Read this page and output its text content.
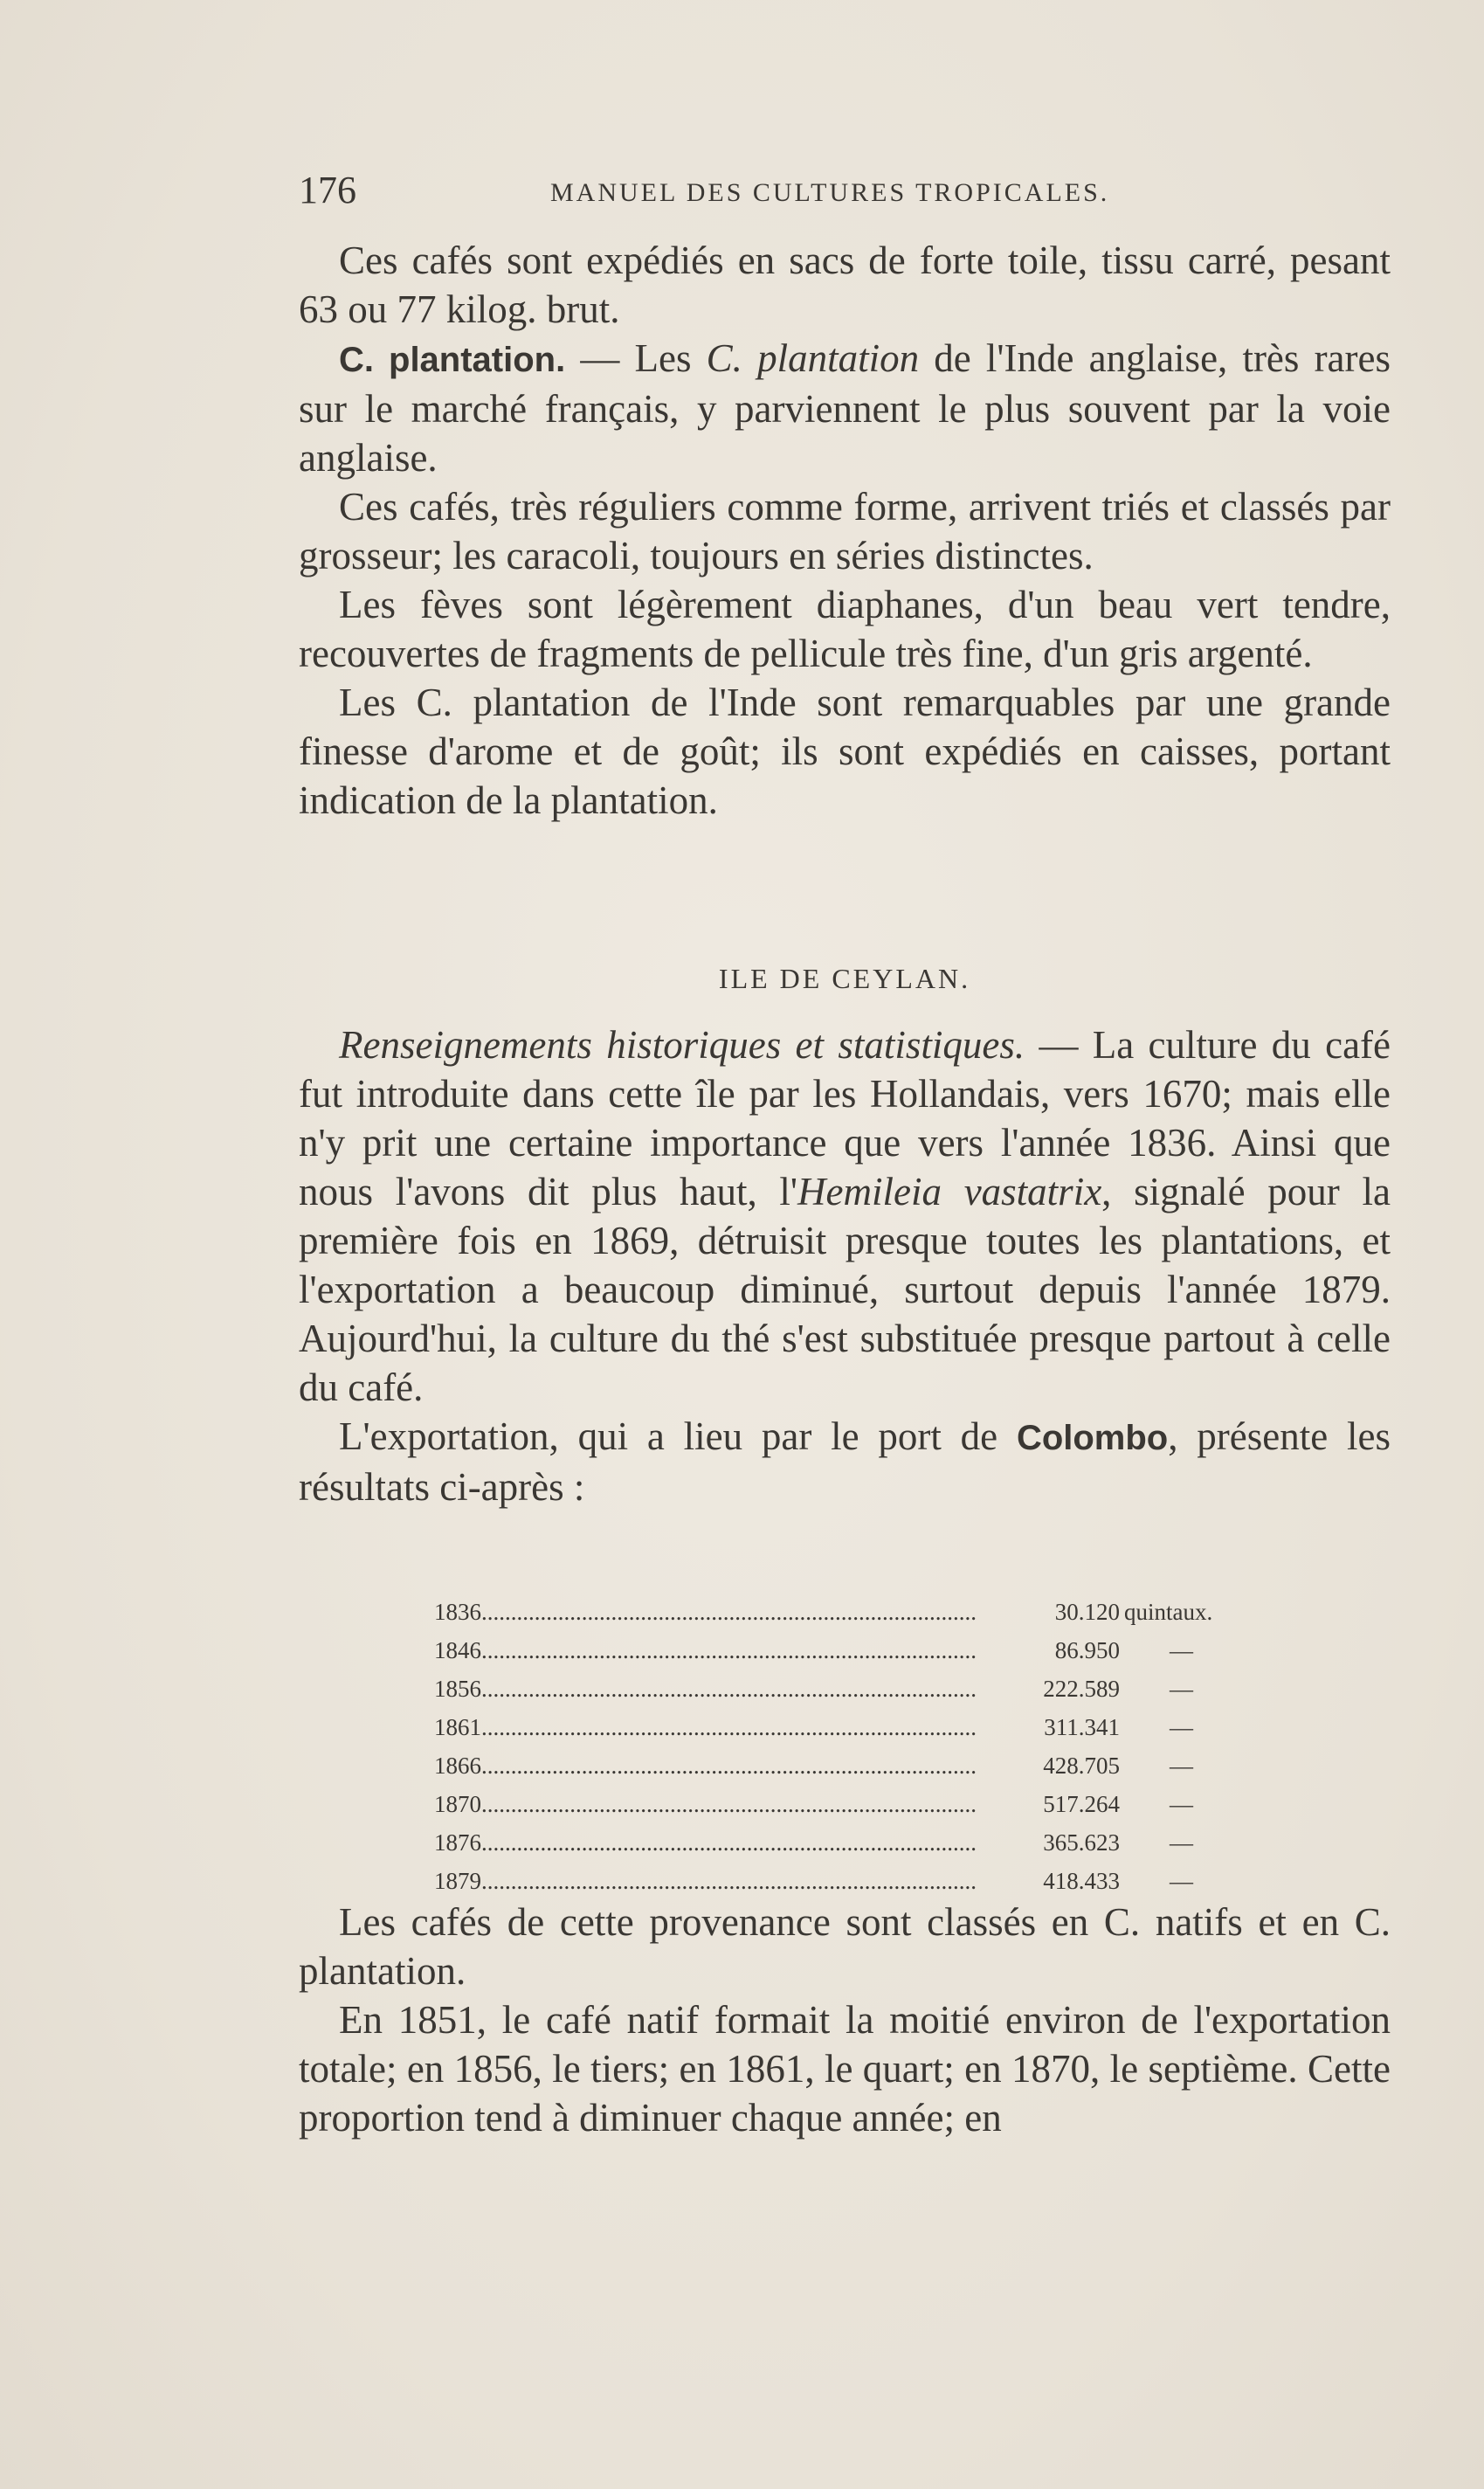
176	MANUEL DES CULTURES TROPICALES.

Ces cafés sont expédiés en sacs de forte toile, tissu carré, pesant 63 ou 77 kilog. brut.

C. plantation. — Les C. plantation de l'Inde anglaise, très rares sur le marché français, y parviennent le plus souvent par la voie anglaise.

Ces cafés, très réguliers comme forme, arrivent triés et classés par grosseur; les caracoli, toujours en séries distinctes.

Les fèves sont légèrement diaphanes, d'un beau vert tendre, recouvertes de fragments de pellicule très fine, d'un gris argenté.

Les C. plantation de l'Inde sont remarquables par une grande finesse d'arome et de goût; ils sont expédiés en caisses, portant indication de la plantation.

ILE DE CEYLAN.

Renseignements historiques et statistiques. — La culture du café fut introduite dans cette île par les Hollandais, vers 1670; mais elle n'y prit une certaine importance que vers l'année 1836. Ainsi que nous l'avons dit plus haut, l'Hemileia vastatrix, signalé pour la première fois en 1869, détruisit presque toutes les plantations, et l'exportation a beaucoup diminué, surtout depuis l'année 1879. Aujourd'hui, la culture du thé s'est substituée presque partout à celle du café.

L'exportation, qui a lieu par le port de Colombo, présente les résultats ci-après :

1836....................................................................................	30.120 quintaux.
1846....................................................................................	86.950 —
1856....................................................................................	222.589 —
1861....................................................................................	311.341 —
1866....................................................................................	428.705 —
1870....................................................................................	517.264 —
1876....................................................................................	365.623 —
1879....................................................................................	418.433 —

Les cafés de cette provenance sont classés en C. natifs et en C. plantation.

En 1851, le café natif formait la moitié environ de l'exportation totale; en 1856, le tiers; en 1861, le quart; en 1870, le septième. Cette proportion tend à diminuer chaque année; en
